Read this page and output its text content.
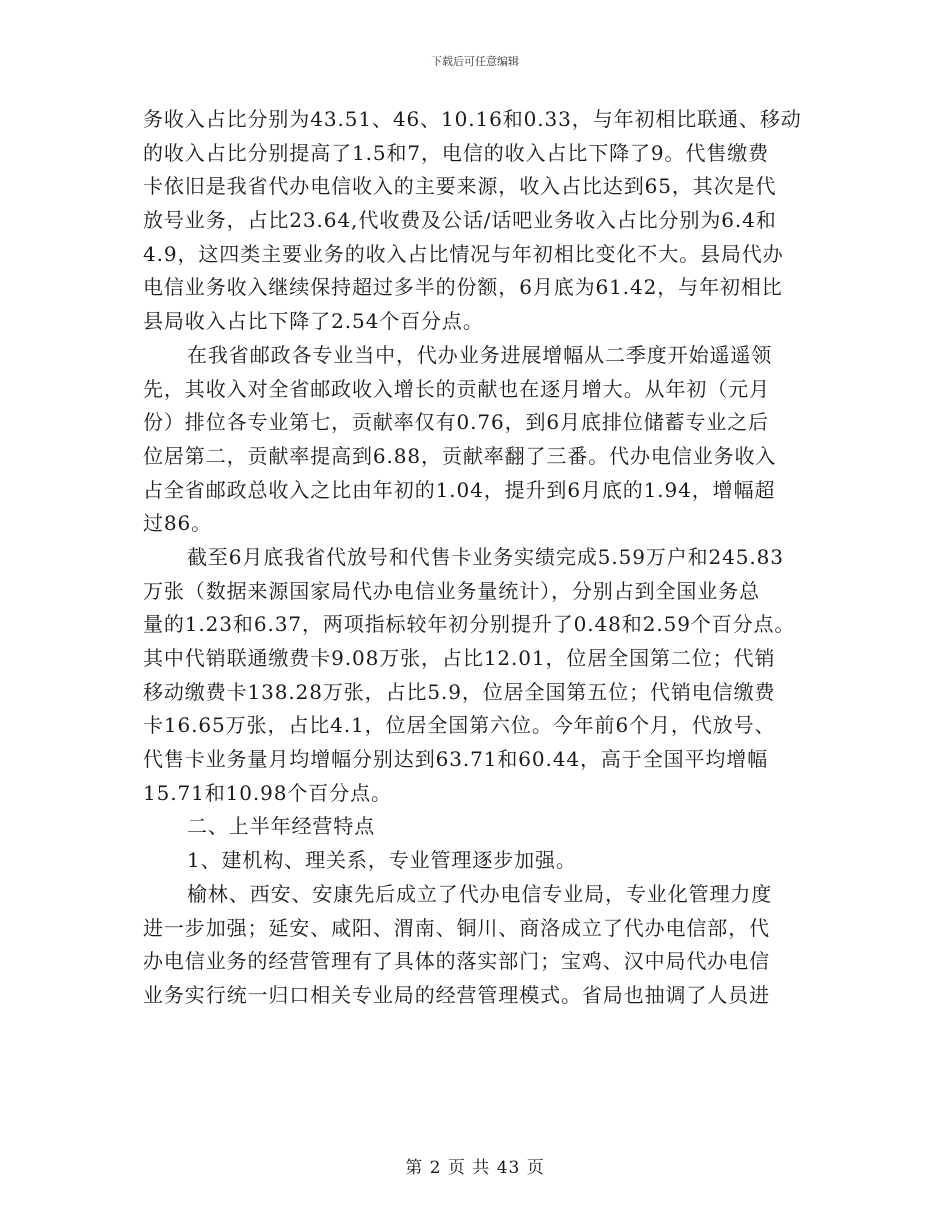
下载后可任意编辑
务收入占比分别为43.51、46、10.16和0.33，与年初相比联通、移动
的收入占比分别提高了1.5和7，电信的收入占比下降了9。代售缴费
卡依旧是我省代办电信收入的主要来源，收入占比达到65，其次是代
放号业务，占比23.64,代收费及公话/话吧业务收入占比分别为6.4和
4.9，这四类主要业务的收入占比情况与年初相比变化不大。县局代办
电信业务收入继续保持超过多半的份额，6月底为61.42，与年初相比
县局收入占比下降了2.54个百分点。
在我省邮政各专业当中，代办业务进展增幅从二季度开始遥遥领
先，其收入对全省邮政收入增长的贡献也在逐月增大。从年初（元月
份）排位各专业第七，贡献率仅有0.76，到6月底排位储蓄专业之后
位居第二，贡献率提高到6.88，贡献率翻了三番。代办电信业务收入
占全省邮政总收入之比由年初的1.04，提升到6月底的1.94，增幅超
过86。
截至6月底我省代放号和代售卡业务实绩完成5.59万户和245.83
万张（数据来源国家局代办电信业务量统计），分别占到全国业务总
量的1.23和6.37，两项指标较年初分别提升了0.48和2.59个百分点。
其中代销联通缴费卡9.08万张，占比12.01，位居全国第二位；代销
移动缴费卡138.28万张，占比5.9，位居全国第五位；代销电信缴费
卡16.65万张，占比4.1，位居全国第六位。今年前6个月，代放号、
代售卡业务量月均增幅分别达到63.71和60.44，高于全国平均增幅
15.71和10.98个百分点。
二、上半年经营特点
1、建机构、理关系，专业管理逐步加强。
榆林、西安、安康先后成立了代办电信专业局，专业化管理力度
进一步加强；延安、咸阳、渭南、铜川、商洛成立了代办电信部，代
办电信业务的经营管理有了具体的落实部门；宝鸡、汉中局代办电信
业务实行统一归口相关专业局的经营管理模式。省局也抽调了人员进
第 2 页 共 43 页
